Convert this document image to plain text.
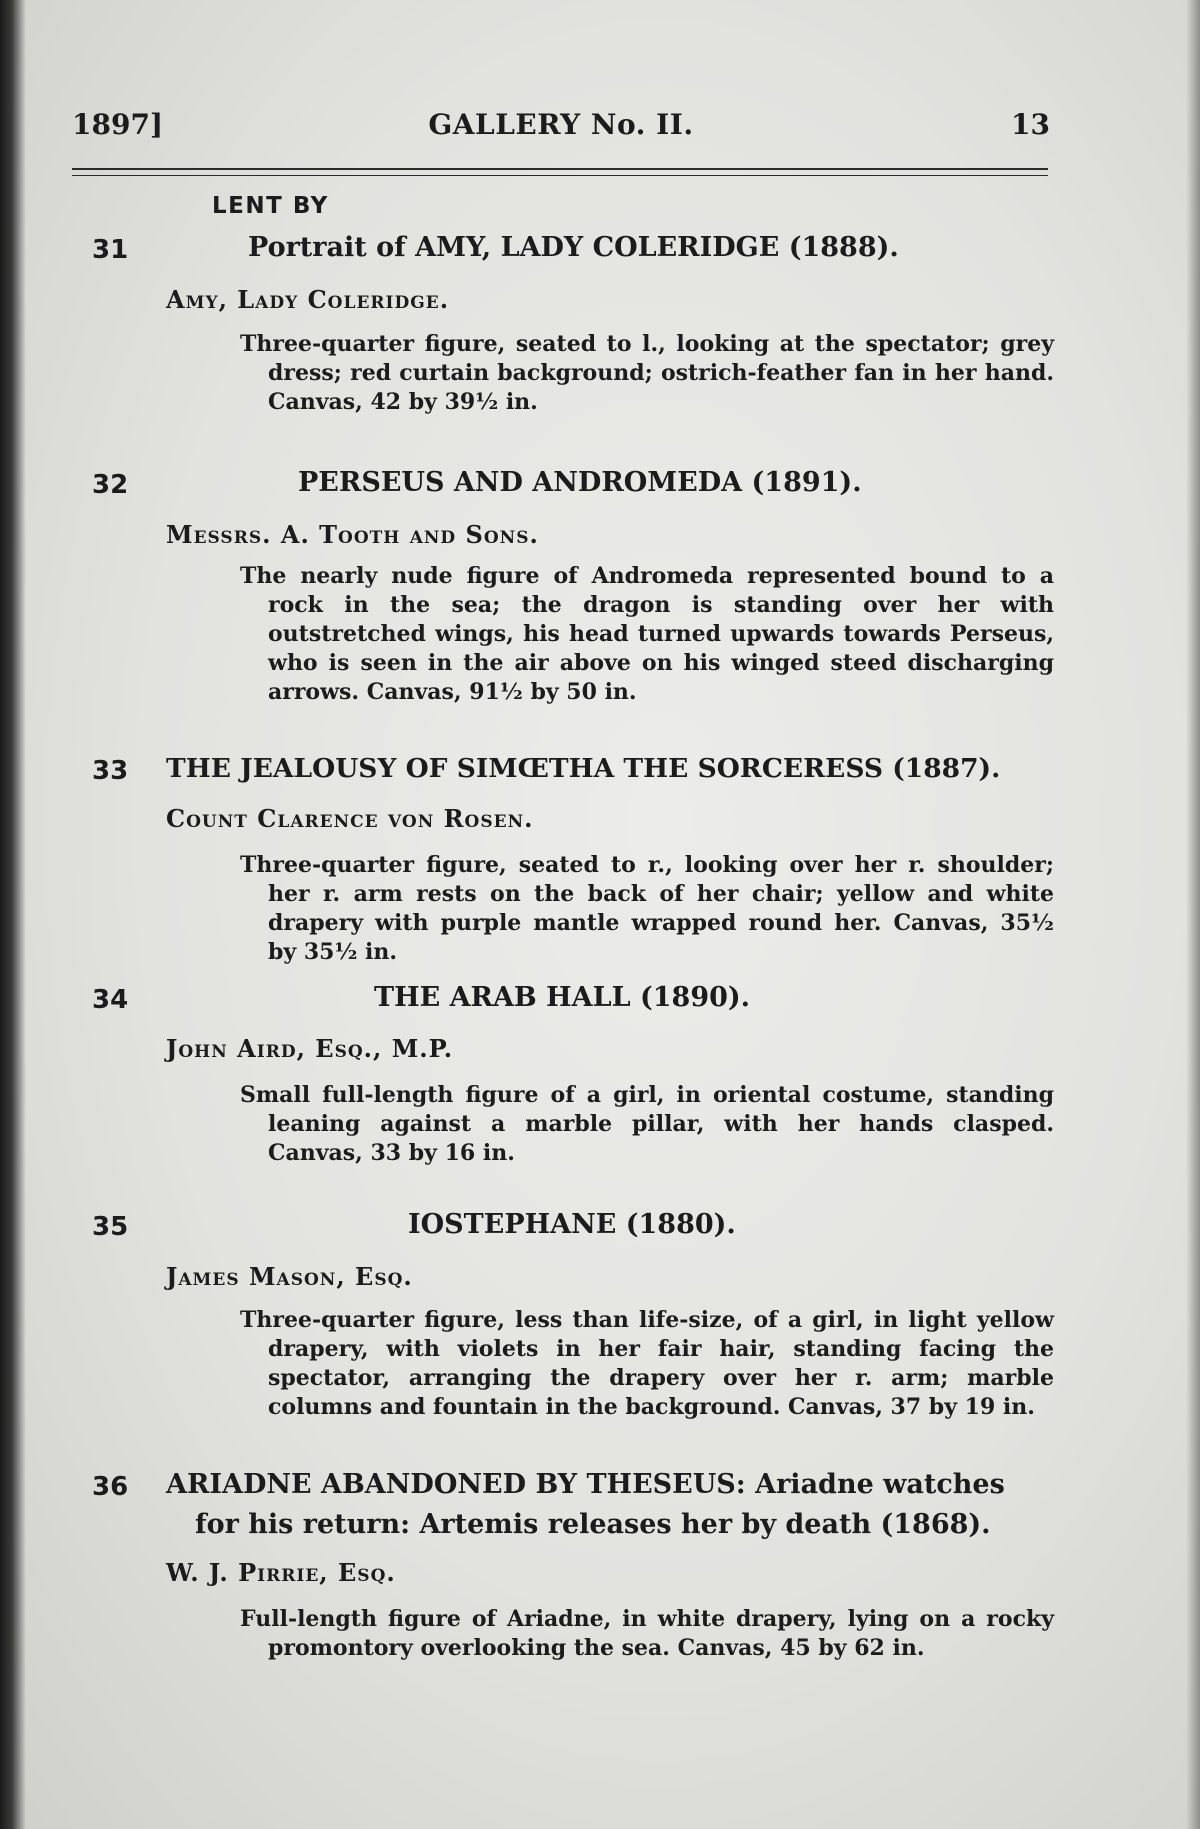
1897]	GALLERY No. II.	13
LENT BY
31	Portrait of AMY, LADY COLERIDGE (1888).
Amy, Lady Coleridge.
Three-quarter figure, seated to l., looking at the spectator; grey dress; red curtain background; ostrich-feather fan in her hand. Canvas, 42 by 39½ in.
32	PERSEUS AND ANDROMEDA (1891).
Messrs. A. Tooth and Sons.
The nearly nude figure of Andromeda represented bound to a rock in the sea; the dragon is standing over her with outstretched wings, his head turned upwards towards Perseus, who is seen in the air above on his winged steed discharging arrows. Canvas, 91½ by 50 in.
33 THE JEALOUSY OF SIMŒTHA THE SORCERESS (1887).
Count Clarence von Rosen.
Three-quarter figure, seated to r., looking over her r. shoulder; her r. arm rests on the back of her chair; yellow and white drapery with purple mantle wrapped round her. Canvas, 35½ by 35½ in.
34	THE ARAB HALL (1890).
John Aird, Esq., M.P.
Small full-length figure of a girl, in oriental costume, standing leaning against a marble pillar, with her hands clasped. Canvas, 33 by 16 in.
35	IOSTEPHANE (1880).
James Mason, Esq.
Three-quarter figure, less than life-size, of a girl, in light yellow drapery, with violets in her fair hair, standing facing the spectator, arranging the drapery over her r. arm; marble columns and fountain in the background. Canvas, 37 by 19 in.
36 ARIADNE ABANDONED BY THESEUS: Ariadne watches
for his return: Artemis releases her by death (1868).
W. J. Pirrie, Esq.
Full-length figure of Ariadne, in white drapery, lying on a rocky promontory overlooking the sea. Canvas, 45 by 62 in.
